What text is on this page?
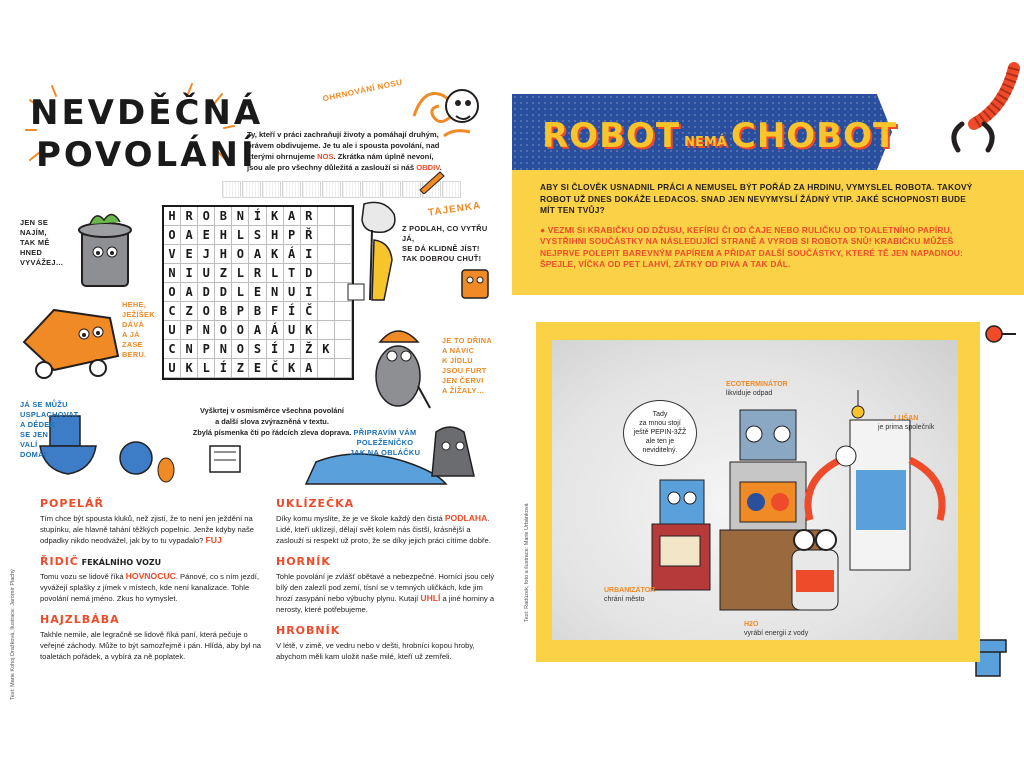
NEVDĚČNÁ
POVOLÁNÍ
OHRNOVÁNÍ NOSU
Ty, kteří v práci zachraňují životy a pomáhají druhým, právem obdivujeme. Je tu ale i spousta povolání, nad kterými ohrnujeme NOS. Zkrátka nám úplně nevoní, jsou ale pro všechny důležitá a zaslouží si náš OBDIV.
TAJENKA
H R O B N Í K A R
O A E H L S H P Ř
V E J H O A K Á I
N I U Z L R L T D
O A D D L E N U I
C Z O B P B F Í Č
U P N O O A Á U K
C N P N O S Í J Ž K
U K L Í Z E Č K A
Vyškrtej v osmisměrce všechna povolání
a další slova zvýrazněná v textu.
Zbylá písmenka čti po řádcích zleva doprava.
JEN SE
NAJÍM,
TAK MĚ
HNED
VYVÁŽEJ…
HEHE,
JEŽÍŠEK
DÁVÁ
A JÁ
ZASE
BERU.
Z PODLAH, CO VYTŘU JÁ,
SE DÁ KLIDNĚ JÍST!
TAK DOBROU CHUŤ!
JE TO DŘINA
A NÁVIC
K JÍDLU
JSOU FURT
JEN ČERVI
A ŽÍŽALY…
JÁ SE MŮŽU
USPLACHOVAT
A DĚDEK
SE JEN
VALÍ
DOMA!
PŘIPRAVÍM VÁM
POLEŽENÍČKO
JAK NA OBLÁČKU
POPELÁŘ

Tím chce být spousta kluků, než zjistí, že to není jen ježdění na stupínku, ale hlavně tahání těžkých popelnic. Jenže kdyby naše odpadky nikdo neodvážel, jak by to tu vypadalo? FUJ

ŘIDIČ FEKÁLNÍHO VOZU

Tomu vozu se lidově říká HOVNOCUC. Pánové, co s ním jezdí, vyvážejí splašky z jímek v místech, kde není kanalizace. Tohle povolání nemá jméno. Zkus ho vymyslet.

HAJZLBÁBA

Takhle nemile, ale legračně se lidově říká paní, která pečuje o veřejné záchody. Může to být samozřejmě i pán. Hlídá, aby byl na toaletách pořádek, a vybírá za ně poplatek.

UKLÍZEČKA

Díky komu myslíte, že je ve škole každý den čistá PODLAHA. Lidé, kteří uklízejí, dělají svět kolem nás čistší, krásnější a zaslouží si respekt už proto, že se díky jejich práci cítíme dobře.

HORNÍK

Tohle povolání je zvlášť obětavé a nebezpečné. Horníci jsou celý bílý den zalezlí pod zemí, tísní se v temných uličkách, kde jim hrozí zasypání nebo výbuchy plynu. Kutají UHLÍ a jiné horniny a nerosty, které potřebujeme.

HROBNÍK

V létě, v zimě, ve vedru nebo v dešti, hrobníci kopou hroby, abychom měli kam uložit naše milé, kteří už zemřeli.

Text: Marie Kohoj Dražková, Ilustrace: Jaromír Plachý
ROBOT NEMÁ CHOBOT

ABY SI ČLOVĚK USNADNIL PRÁCI A NEMUSEL BÝT POŘÁD ZA HRDINU, VYMYSLEL ROBOTA. TAKOVÝ ROBOT UŽ DNES DOKÁŽE LEDACOS. SNAD JEN NEVYMYSLÍ ŽÁDNÝ VTIP. JAKÉ SCHOPNOSTI BUDE MÍT TEN TVŮJ?

● VEZMI SI KRABIČKU OD DŽUSU, KEFÍRU ČI OD ČAJE NEBO RULIČKU OD TOALETNÍHO PAPÍRU, VYSTŘIHNI SOUČÁSTKY NA NÁSLEDUJÍCÍ STRANĚ A VYROB SI ROBOTA SNŮ! KRABIČKU MŮŽEŠ NEJPRVE POLEPIT BAREVNÝM PAPÍREM A PŘIDAT DALŠÍ SOUČÁSTKY, KTERÉ TĚ JEN NAPADNOU: ŠPEJLE, VÍČKA OD PET LAHVÍ, ZÁTKY OD PIVA A TAK DÁL.

Tady
za mnou stojí
ještě PEPIN-3ŽŽ
ale ten je
neviditelný.
ECOTERMINÁTOR
likviduje odpad
LUŠAN
je prima společník
URBANIZÁTOR
chrání město
H2O
vyrábí energii z vody
Text: Radúzek, foto a ilustrace: Marie Urbánková
